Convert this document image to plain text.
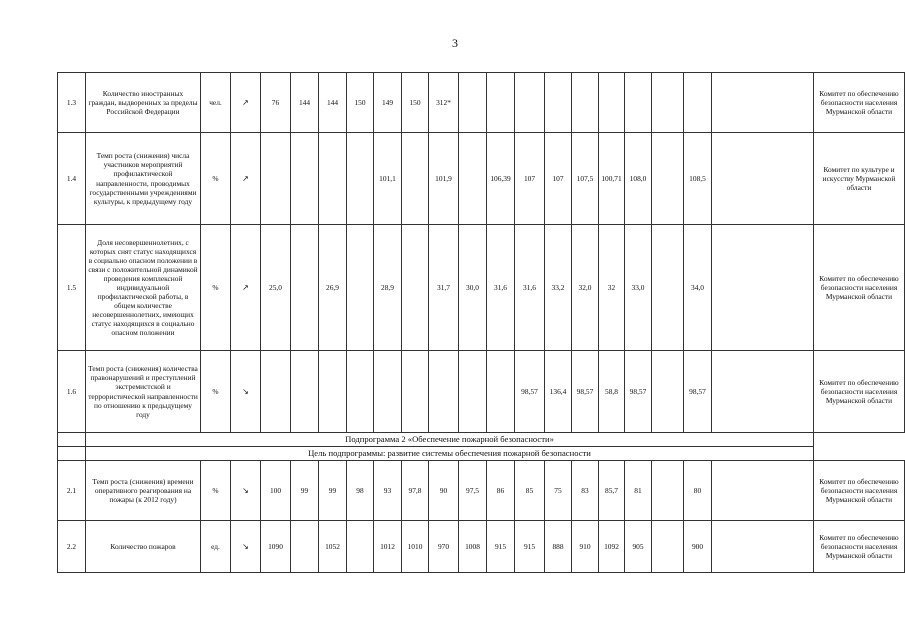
3
1.3	Количество иностранных граждан, выдворенных за пределы Российской Федерации	чел.	↗	76	144	144	150	149	150	312*											Комитет по обеспечению безопасности населения Мурманской области
1.4	Темп роста (снижения) числа участников мероприятий профилактической направленности, проводимых государственными учреждениями культуры, к предыдущему году	%	↗					101,1		101,9		106,39	107	107	107,5	100,71	108,0		108,5		Комитет по культуре и искусству Мурманской области
1.5	Доля несовершеннолетних, с которых снят статус находящихся в социально опасном положении в связи с положительной динамикой проведения комплексной индивидуальной профилактической работы, в общем количестве несовершеннолетних, имеющих статус находящихся в социально опасном положении	%	↗	25,0		26,9		28,9		31,7	30,0	31,6	31,6	33,2	32,0	32	33,0		34,0		Комитет по обеспечению безопасности населения Мурманской области
1.6	Темп роста (снижения) количества правонарушений и преступлений экстремистской и террористической направленности по отношению к предыдущему году	%	↘										98,57	136,4	98,57	58,8	98,57		98,57		Комитет по обеспечению безопасности населения Мурманской области
	Подпрограмма 2 «Обеспечение пожарной безопасности»																				
	Цель подпрограммы: развитие системы обеспечения пожарной безопасности																				
2.1	Темп роста (снижения) времени оперативного реагирования на пожары (к 2012 году)	%	↘	100	99	99	98	93	97,8	90	97,5	86	85	75	83	85,7	81		80		Комитет по обеспечению безопасности населения Мурманской области
2.2	Количество пожаров	ед.	↘	1090		1052		1012	1010	970	1008	915	915	888	910	1092	905		900		Комитет по обеспечению безопасности населения Мурманской области
